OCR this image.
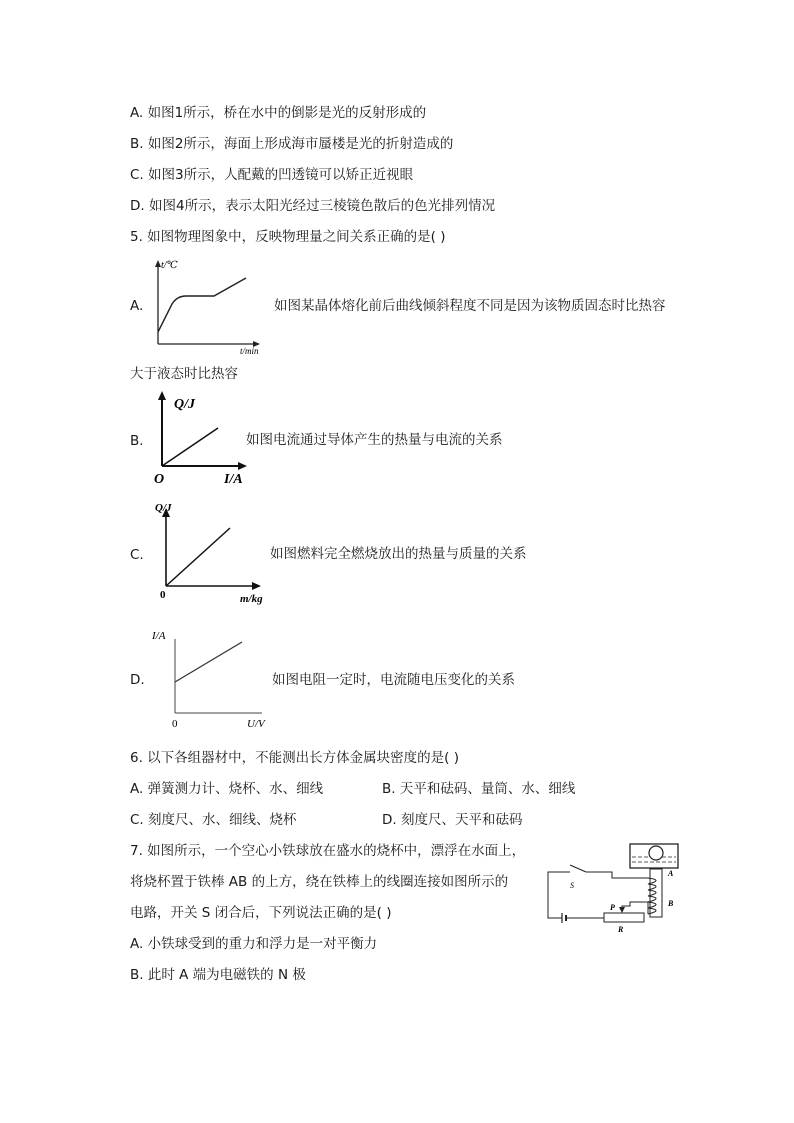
A. 如图1所示，桥在水中的倒影是光的反射形成的
B. 如图2所示，海面上形成海市蜃楼是光的折射造成的
C. 如图3所示，人配戴的凹透镜可以矫正近视眼
D. 如图4所示，表示太阳光经过三棱镜色散后的色光排列情况
5. 如图物理图象中，反映物理量之间关系正确的是( )
A.
t/℃
t/min
如图某晶体熔化前后曲线倾斜程度不同是因为该物质固态时比热容
大于液态时比热容
B.
Q/J
O	I/A
如图电流通过导体产生的热量与电流的关系
C.
Q/J
0	m/kg
如图燃料完全燃烧放出的热量与质量的关系
D.
I/A
0	U/V
如图电阻一定时，电流随电压变化的关系
6. 以下各组器材中，不能测出长方体金属块密度的是( )
A. 弹簧测力计、烧杯、水、细线	B. 天平和砝码、量筒、水、细线
C. 刻度尺、水、细线、烧杯	D. 刻度尺、天平和砝码
7. 如图所示，一个空心小铁球放在盛水的烧杯中，漂浮在水面上，
将烧杯置于铁棒 AB 的上方，绕在铁棒上的线圈连接如图所示的
电路，开关 S 闭合后，下列说法正确的是( )
S
A
B
P
R
A. 小铁球受到的重力和浮力是一对平衡力
B. 此时 A 端为电磁铁的 N 极
